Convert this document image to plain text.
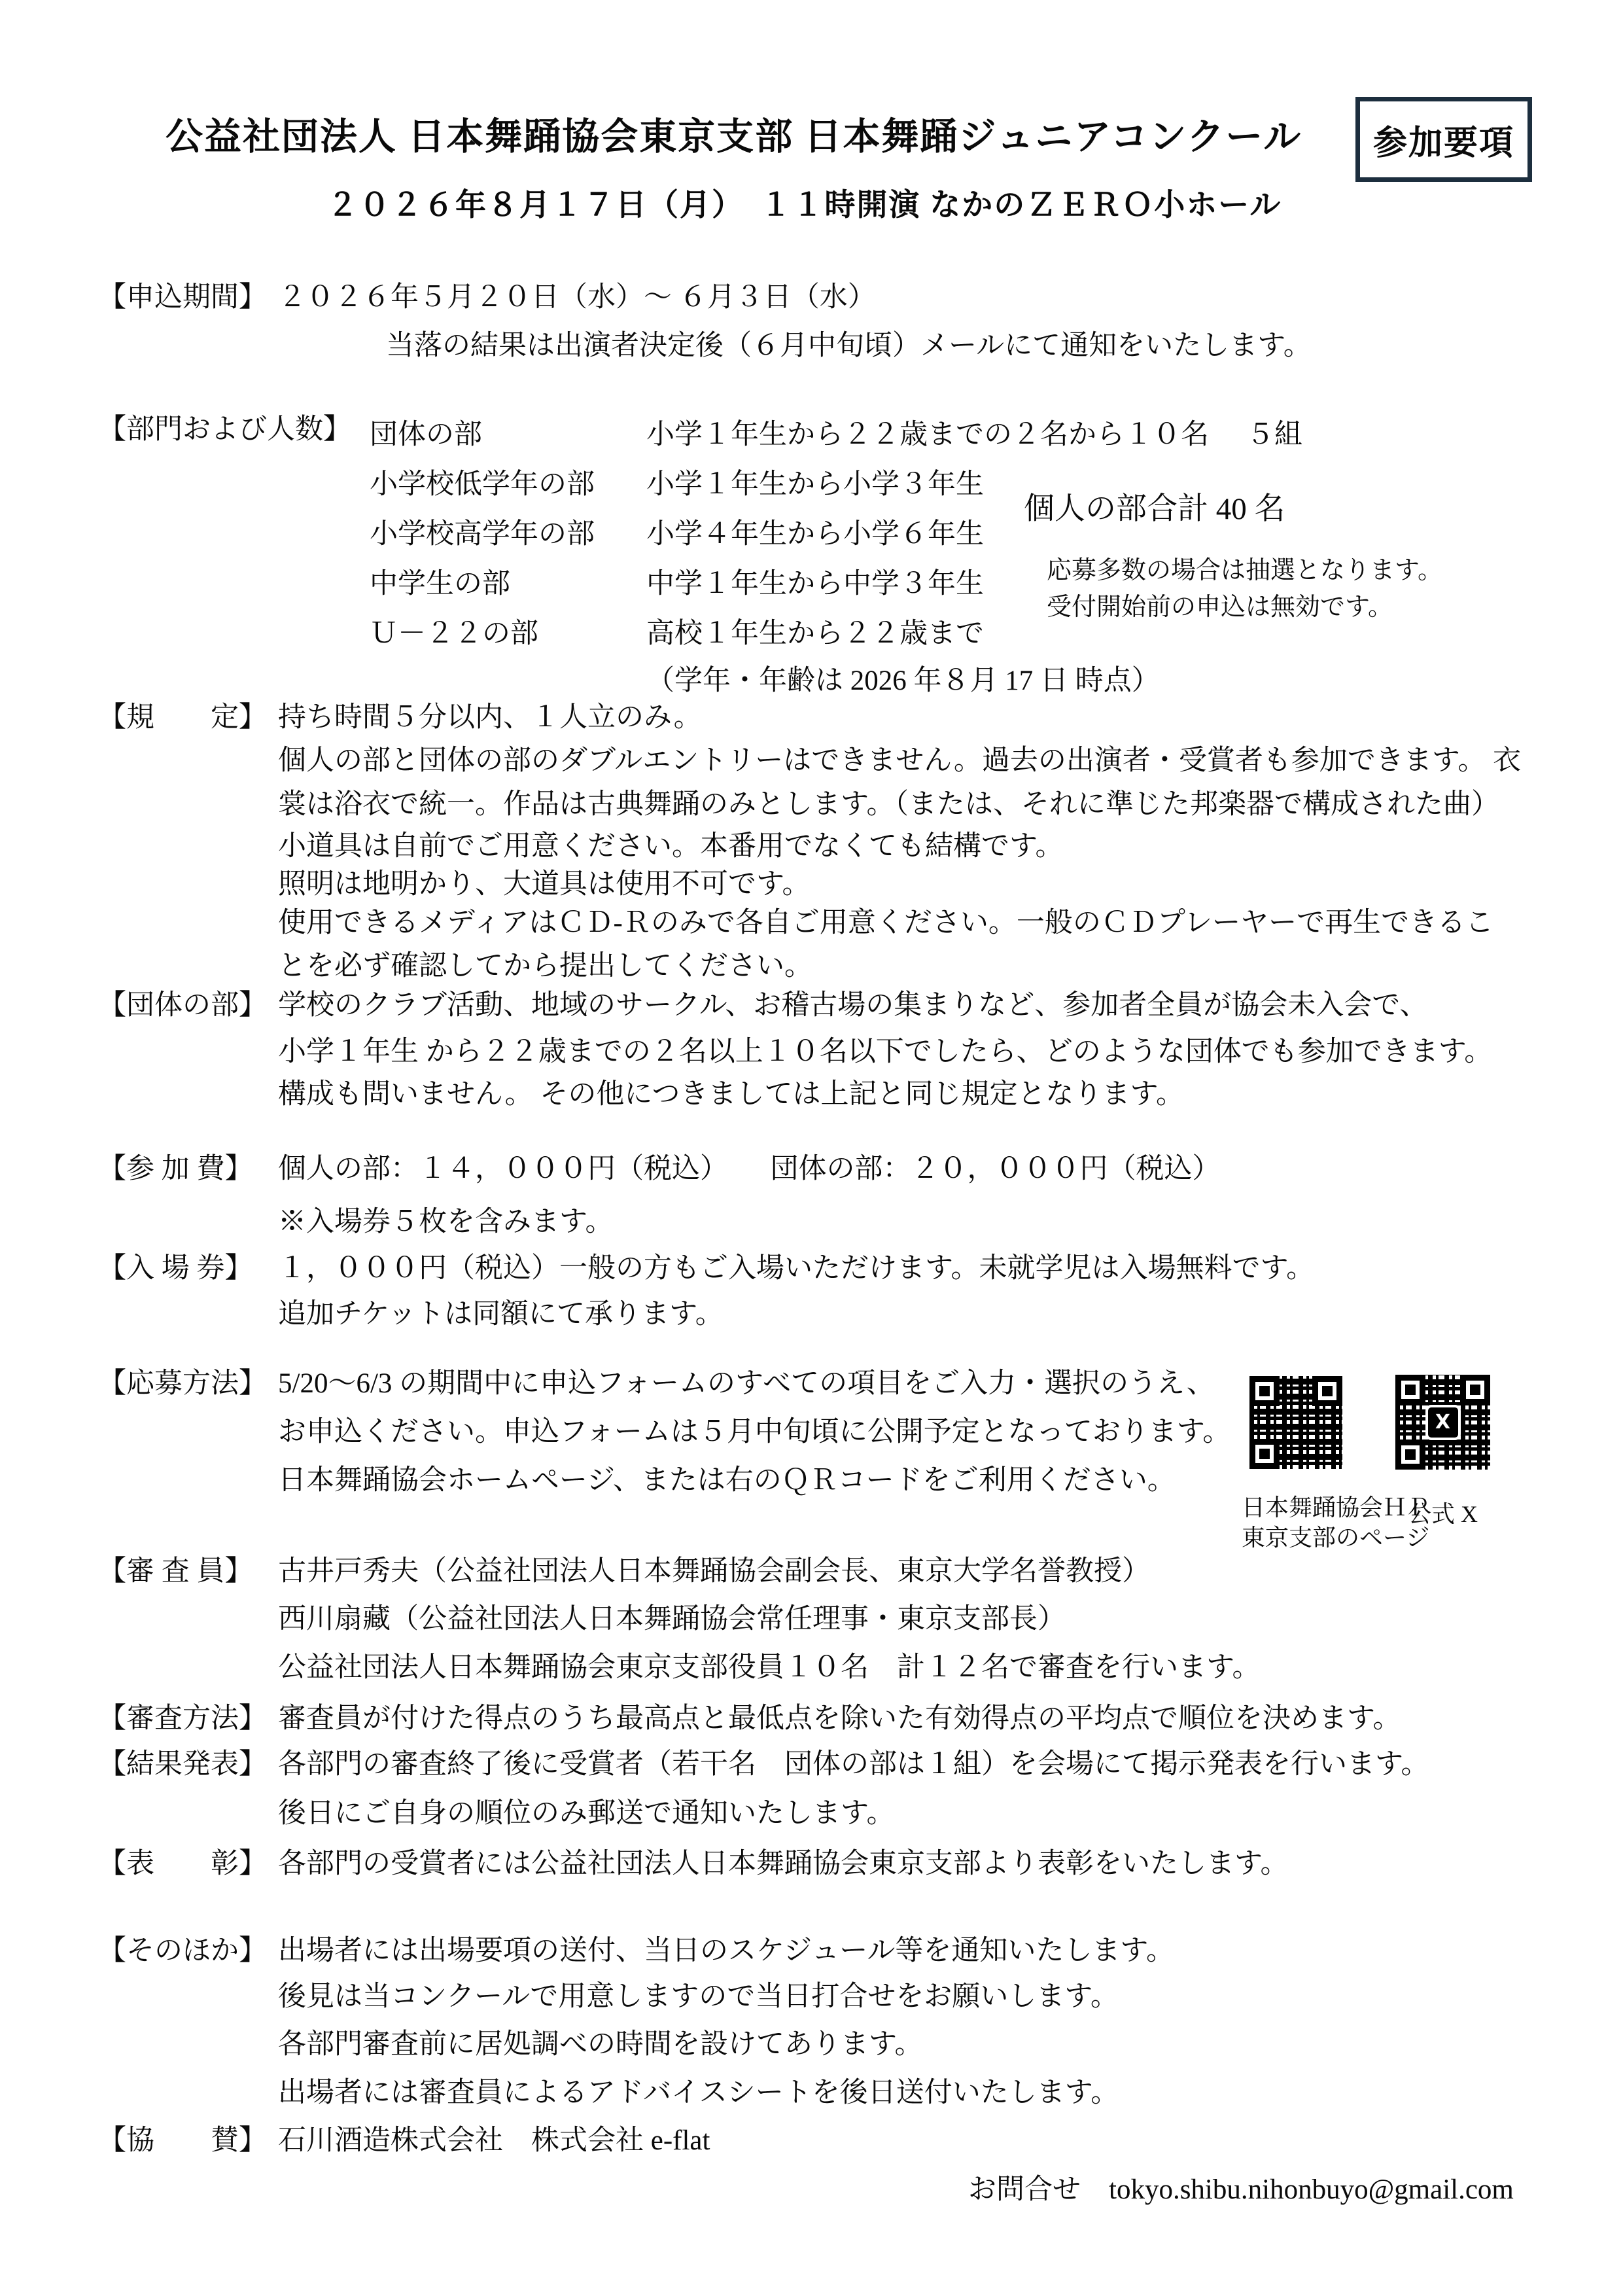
公益社団法人 日本舞踊協会東京支部 日本舞踊ジュニアコンクール 参加要項
２０２６年８月１７日（月）　１１時開演 なかのＺＥＲＯ小ホール
【申込期間】 ２０２６年５月２０日（水）～ ６月３日（水）
当落の結果は出演者決定後（６月中旬頃）メールにて通知をいたします。
【部門および人数】 団体の部	小学１年生から２２歳までの２名から１０名 ５組
小学校低学年の部 小学１年生から小学３年生
小学校高学年の部 小学４年生から小学６年生
中学生の部	中学１年生から中学３年生
Ｕ－２２の部	高校１年生から２２歳まで
（学年・年齢は 2026 年８月 17 日 時点）
個人の部合計 40 名
応募多数の場合は抽選となります。
受付開始前の申込は無効です。
【規　　定】 持ち時間５分以内、１人立のみ。
個人の部と団体の部のダブルエントリーはできません。過去の出演者・受賞者も参加できます。 衣
裳は浴衣で統一。作品は古典舞踊のみとします。（または、それに準じた邦楽器で構成された曲）
小道具は自前でご用意ください。本番用でなくても結構です。
照明は地明かり、大道具は使用不可です。
使用できるメディアはＣＤ-Ｒのみで各自ご用意ください。一般のＣＤプレーヤーで再生できるこ
とを必ず確認してから提出してください。
【団体の部】 学校のクラブ活動、地域のサークル、お稽古場の集まりなど、参加者全員が協会未入会で、
小学１年生 から２２歳までの２名以上１０名以下でしたら、どのような団体でも参加できます。
構成も問いません。 その他につきましては上記と同じ規定となります。
【参 加 費】 個人の部：１４，０００円（税込）　　団体の部：２０，０００円（税込）
※入場券５枚を含みます。
【入 場 券】 １，０００円（税込）一般の方もご入場いただけます。未就学児は入場無料です。
追加チケットは同額にて承ります。
【応募方法】 5/20～6/3 の期間中に申込フォームのすべての項目をご入力・選択のうえ、
お申込ください。申込フォームは５月中旬頃に公開予定となっております。
日本舞踊協会ホームページ、または右のＱＲコードをご利用ください。
X
日本舞踊協会ＨＰ
東京支部のページ
公式 X
【審 査 員】 古井戸秀夫（公益社団法人日本舞踊協会副会長、東京大学名誉教授）
西川扇藏（公益社団法人日本舞踊協会常任理事・東京支部長）
公益社団法人日本舞踊協会東京支部役員１０名　計１２名で審査を行います。
【審査方法】 審査員が付けた得点のうち最高点と最低点を除いた有効得点の平均点で順位を決めます。
【結果発表】 各部門の審査終了後に受賞者（若干名　団体の部は１組）を会場にて掲示発表を行います。
後日にご自身の順位のみ郵送で通知いたします。
【表　　彰】 各部門の受賞者には公益社団法人日本舞踊協会東京支部より表彰をいたします。
【そのほか】 出場者には出場要項の送付、当日のスケジュール等を通知いたします。
後見は当コンクールで用意しますので当日打合せをお願いします。
各部門審査前に居処調べの時間を設けてあります。
出場者には審査員によるアドバイスシートを後日送付いたします。
【協　　賛】 石川酒造株式会社　株式会社 e-flat
お問合せ　tokyo.shibu.nihonbuyo@gmail.com
